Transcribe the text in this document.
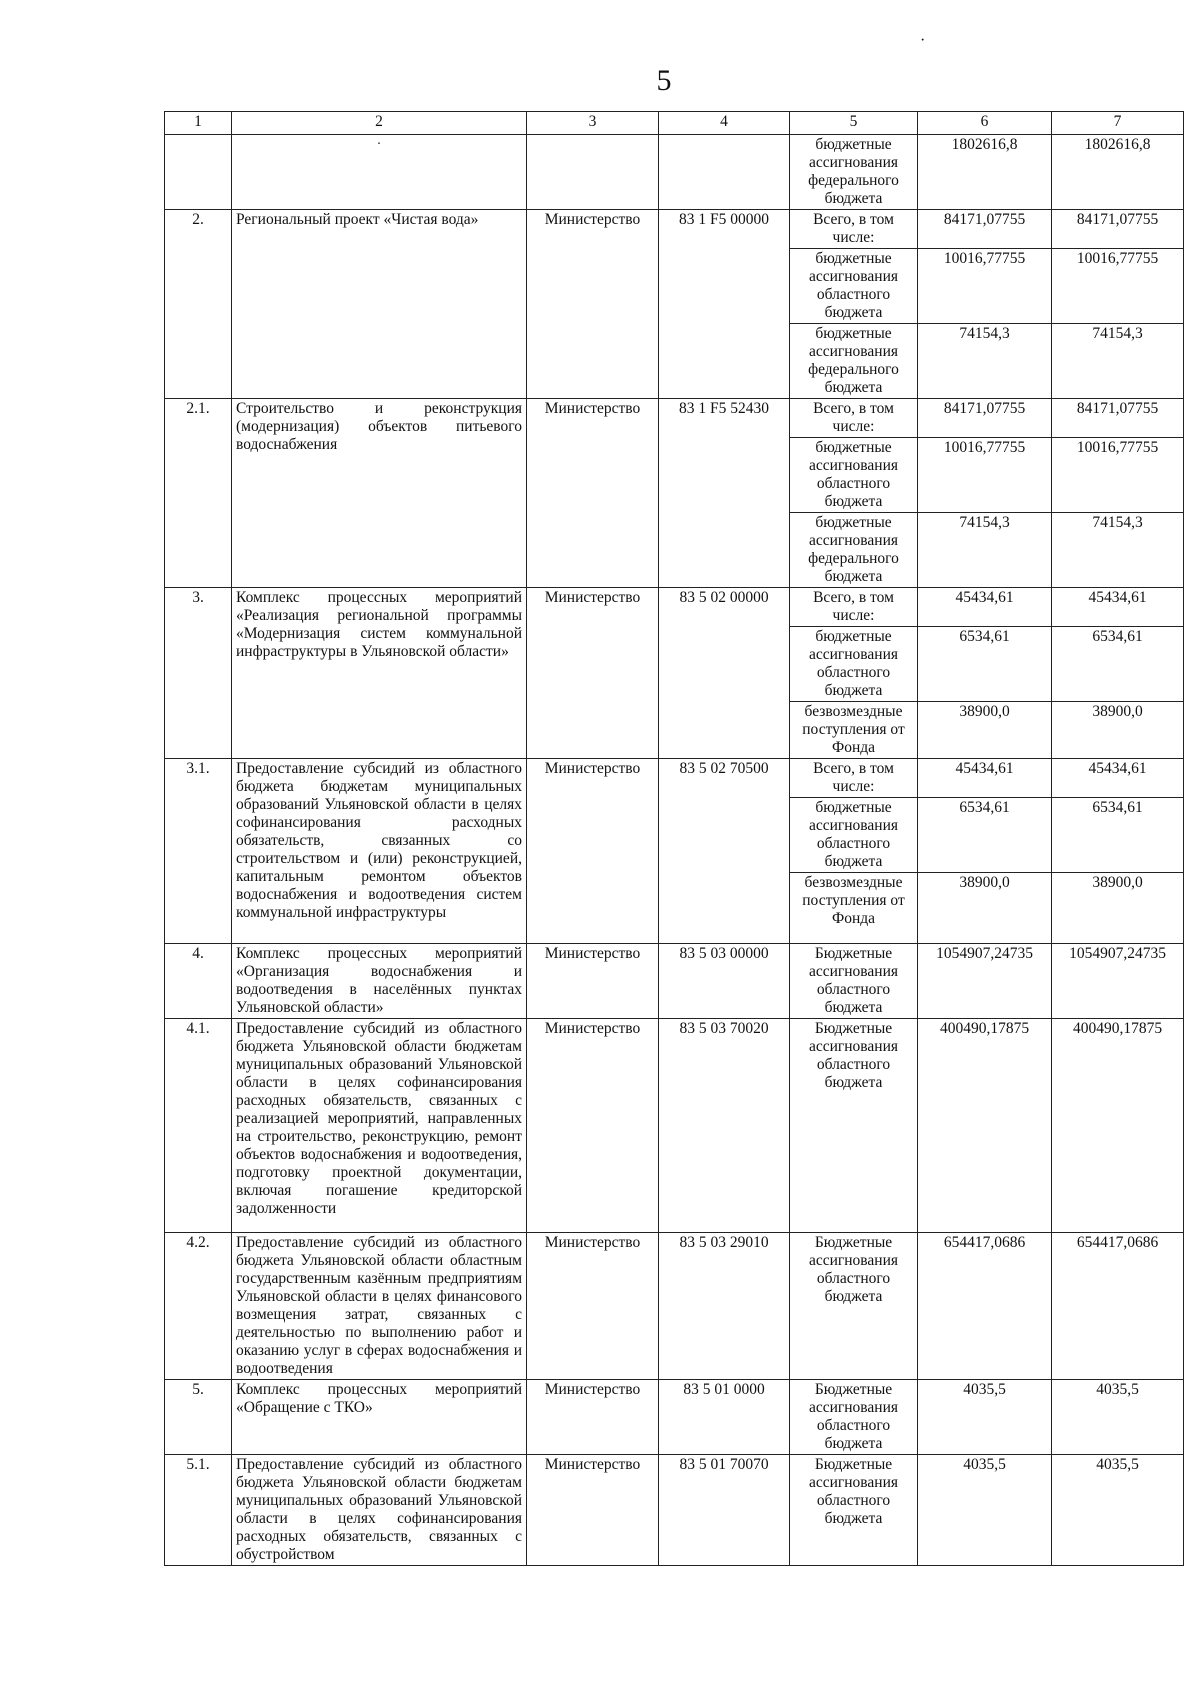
5
·
1	2	3	4	5	6	7

	.			бюджетные ассигнования федерального бюджета	1802616,8	1802616,8
2.	Региональный проект «Чистая вода»	Министерство	83 1 F5 00000	Всего, в том числе:	84171,07755	84171,07755
				бюджетные ассигнования областного бюджета	10016,77755	10016,77755
				бюджетные ассигнования федерального бюджета	74154,3	74154,3
2.1.	Строительство и реконструкция (модернизация) объектов питьевого водоснабжения	Министерство	83 1 F5 52430	Всего, в том числе:	84171,07755	84171,07755
				бюджетные ассигнования областного бюджета	10016,77755	10016,77755
				бюджетные ассигнования федерального бюджета	74154,3	74154,3
3.	Комплекс процессных мероприятий «Реализация региональной программы «Модернизация систем коммунальной инфраструктуры в Ульяновской области»	Министерство	83 5 02 00000	Всего, в том числе:	45434,61	45434,61
				бюджетные ассигнования областного бюджета	6534,61	6534,61
				безвозмездные поступления от Фонда	38900,0	38900,0
3.1.	Предоставление субсидий из областного бюджета бюджетам муниципальных образований Ульяновской области в целях софинансирования расходных обязательств, связанных со строительством и (или) реконструкцией, капитальным ремонтом объектов водоснабжения и водоотведения систем коммунальной инфраструктуры	Министерство	83 5 02 70500	Всего, в том числе:	45434,61	45434,61
				бюджетные ассигнования областного бюджета	6534,61	6534,61
				безвозмездные поступления от Фонда	38900,0	38900,0
4.	Комплекс процессных мероприятий «Организация водоснабжения и водоотведения в населённых пунктах Ульяновской области»	Министерство	83 5 03 00000	Бюджетные ассигнования областного бюджета	1054907,24735	1054907,24735
4.1.	Предоставление субсидий из областного бюджета Ульяновской области бюджетам муниципальных образований Ульяновской области в целях софинансирования расходных обязательств, связанных с реализацией мероприятий, направленных на строительство, реконструкцию, ремонт объектов водоснабжения и водоотведения, подготовку проектной документации, включая погашение кредиторской задолженности	Министерство	83 5 03 70020	Бюджетные ассигнования областного бюджета	400490,17875	400490,17875
4.2.	Предоставление субсидий из областного бюджета Ульяновской области областным государственным казённым предприятиям Ульяновской области в целях финансового возмещения затрат, связанных с деятельностью по выполнению работ и оказанию услуг в сферах водоснабжения и водоотведения	Министерство	83 5 03 29010	Бюджетные ассигнования областного бюджета	654417,0686	654417,0686
5.	Комплекс процессных мероприятий «Обращение с ТКО»	Министерство	83 5 01 0000	Бюджетные ассигнования областного бюджета	4035,5	4035,5
5.1.	Предоставление субсидий из областного бюджета Ульяновской области бюджетам муниципальных образований Ульяновской области в целях софинансирования расходных обязательств, связанных с обустройством	Министерство	83 5 01 70070	Бюджетные ассигнования областного бюджета	4035,5	4035,5
